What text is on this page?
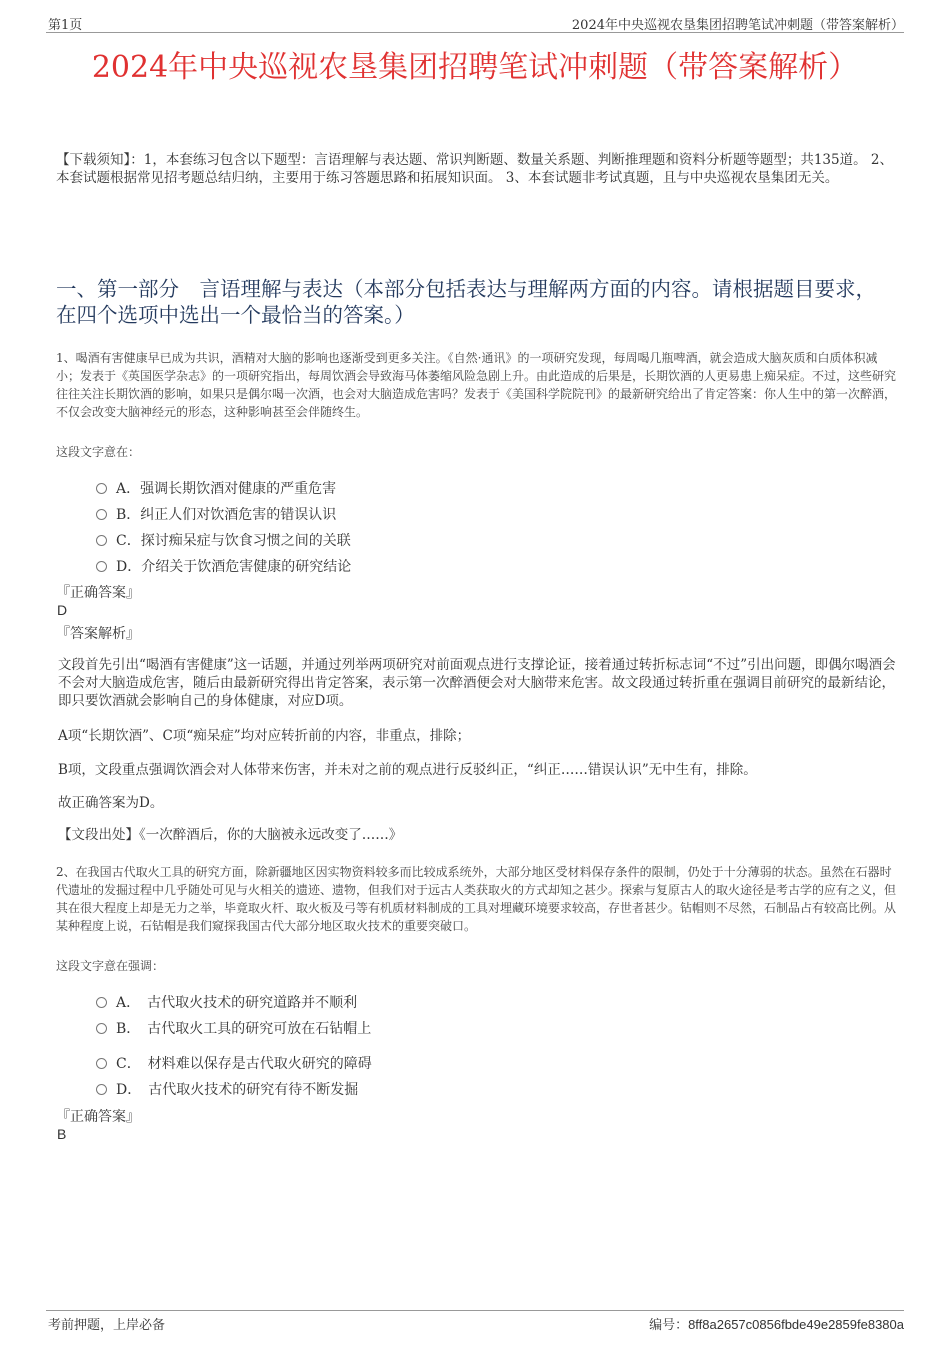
第1页	2024年中央巡视农垦集团招聘笔试冲刺题（带答案解析）
2024年中央巡视农垦集团招聘笔试冲刺题（带答案解析）
【下载须知】：1，本套练习包含以下题型：言语理解与表达题、常识判断题、数量关系题、判断推理题和资料分析题等题型；共135道。 2、本套试题根据常见招考题总结归纳，主要用于练习答题思路和拓展知识面。 3、本套试题非考试真题，且与中央巡视农垦集团无关。
一、第一部分　言语理解与表达（本部分包括表达与理解两方面的内容。请根据题目要求，在四个选项中选出一个最恰当的答案。）
1、喝酒有害健康早已成为共识，酒精对大脑的影响也逐渐受到更多关注。《自然·通讯》的一项研究发现，每周喝几瓶啤酒，就会造成大脑灰质和白质体积减小；发表于《英国医学杂志》的一项研究指出，每周饮酒会导致海马体萎缩风险急剧上升。由此造成的后果是，长期饮酒的人更易患上痴呆症。不过，这些研究往往关注长期饮酒的影响，如果只是偶尔喝一次酒，也会对大脑造成危害吗？发表于《美国科学院院刊》的最新研究给出了肯定答案：你人生中的第一次醉酒，不仅会改变大脑神经元的形态，这种影响甚至会伴随终生。
这段文字意在：
A．强调长期饮酒对健康的严重危害
B．纠正人们对饮酒危害的错误认识
C．探讨痴呆症与饮食习惯之间的关联
D．介绍关于饮酒危害健康的研究结论
『正确答案』
D
『答案解析』
文段首先引出“喝酒有害健康”这一话题，并通过列举两项研究对前面观点进行支撑论证，接着通过转折标志词“不过”引出问题，即偶尔喝酒会不会对大脑造成危害，随后由最新研究得出肯定答案，表示第一次醉酒便会对大脑带来危害。故文段通过转折重在强调目前研究的最新结论，即只要饮酒就会影响自己的身体健康，对应D项。
A项“长期饮酒”、C项“痴呆症”均对应转折前的内容，非重点，排除；
B项，文段重点强调饮酒会对人体带来伤害，并未对之前的观点进行反驳纠正，“纠正……错误认识”无中生有，排除。
故正确答案为D。
【文段出处】《一次醉酒后，你的大脑被永远改变了……》
2、在我国古代取火工具的研究方面，除新疆地区因实物资料较多而比较成系统外，大部分地区受材料保存条件的限制，仍处于十分薄弱的状态。虽然在石器时代遗址的发掘过程中几乎随处可见与火相关的遗迹、遗物，但我们对于远古人类获取火的方式却知之甚少。探索与复原古人的取火途径是考古学的应有之义，但其在很大程度上却是无力之举，毕竟取火杆、取火板及弓等有机质材料制成的工具对埋藏环境要求较高，存世者甚少。钻帽则不尽然，石制品占有较高比例。从某种程度上说，石钻帽是我们窥探我国古代大部分地区取火技术的重要突破口。
这段文字意在强调：
A．　古代取火技术的研究道路并不顺利
B．　古代取火工具的研究可放在石钻帽上
C．　材料难以保存是古代取火研究的障碍
D．　古代取火技术的研究有待不断发掘
『正确答案』
B
考前押题，上岸必备	编号：8ff8a2657c0856fbde49e2859fe8380a
